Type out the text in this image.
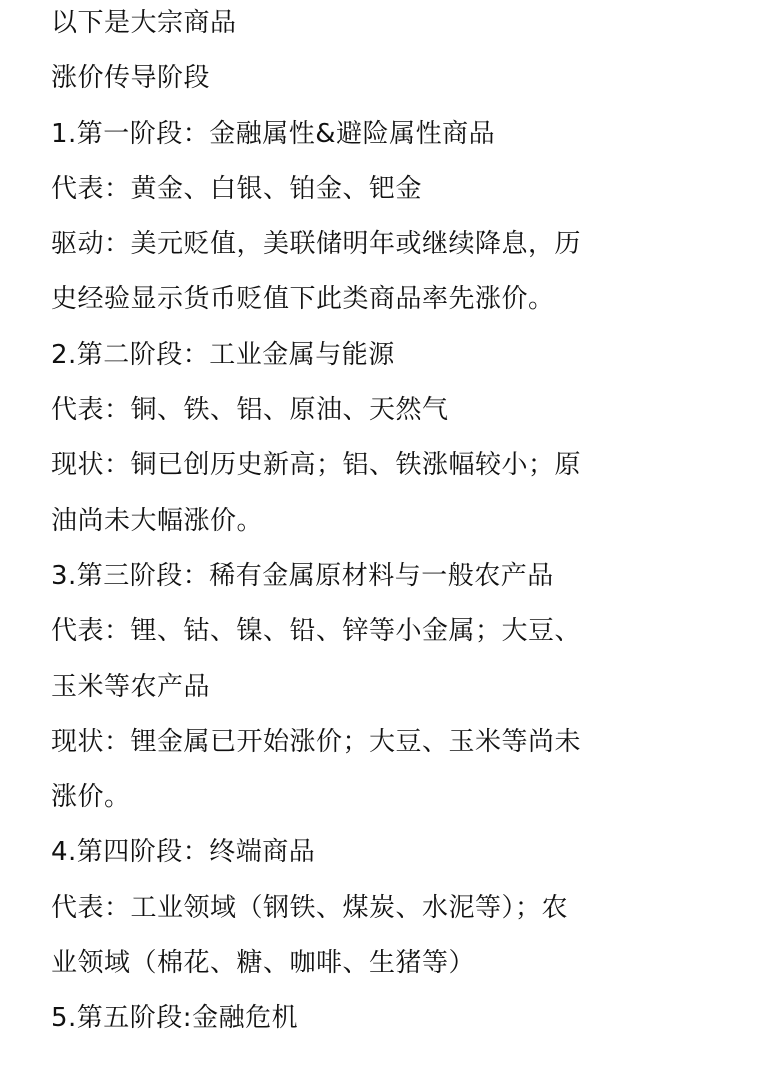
以下是大宗商品
涨价传导阶段
1.第一阶段：金融属性&避险属性商品
代表：黄金、白银、铂金、钯金
驱动：美元贬值，美联储明年或继续降息，历
史经验显示货币贬值下此类商品率先涨价。
2.第二阶段：工业金属与能源
代表：铜、铁、铝、原油、天然气
现状：铜已创历史新高；铝、铁涨幅较小；原
油尚未大幅涨价。
3.第三阶段：稀有金属原材料与一般农产品
代表：锂、钴、镍、铅、锌等小金属；大豆、
玉米等农产品
现状：锂金属已开始涨价；大豆、玉米等尚未
涨价。
4.第四阶段：终端商品
代表：工业领域（钢铁、煤炭、水泥等）；农
业领域（棉花、糖、咖啡、生猪等）
5.第五阶段:金融危机
